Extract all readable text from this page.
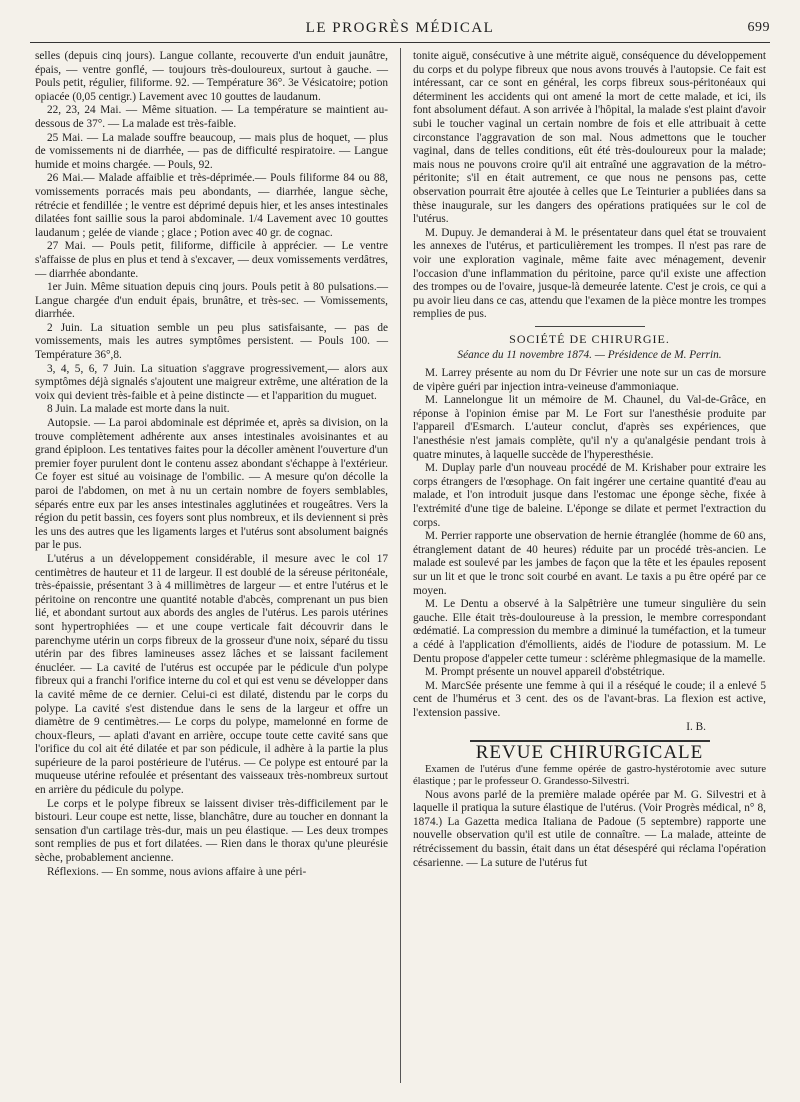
LE PROGRÈS MÉDICAL	699

selles (depuis cinq jours). Langue collante, recouverte d'un enduit jaunâtre, épais, — ventre gonflé, — toujours très-douloureux, surtout à gauche. — Pouls petit, régulier, filiforme. 92. — Température 36°. 3e Vésicatoire; potion opiacée (0,05 centigr.) Lavement avec 10 gouttes de laudanum.

22, 23, 24 Mai. — Même situation. — La température se maintient au-dessous de 37°. — La malade est très-faible.

25 Mai. — La malade souffre beaucoup, — mais plus de hoquet, — plus de vomissements ni de diarrhée, — pas de difficulté respiratoire. — Langue humide et moins chargée. — Pouls, 92.

26 Mai.— Malade affaiblie et très-déprimée.— Pouls filiforme 84 ou 88, vomissements porracés mais peu abondants, — diarrhée, langue sèche, rétrécie et fendillée ; le ventre est déprimé depuis hier, et les anses intestinales dilatées font saillie sous la paroi abdominale. 1/4 Lavement avec 10 gouttes laudanum ; gelée de viande ; glace ; Potion avec 40 gr. de cognac.

27 Mai. — Pouls petit, filiforme, difficile à apprécier. — Le ventre s'affaisse de plus en plus et tend à s'excaver, — deux vomissements verdâtres, — diarrhée abondante.

1er Juin. Même situation depuis cinq jours. Pouls petit à 80 pulsations.— Langue chargée d'un enduit épais, brunâtre, et très-sec. — Vomissements, diarrhée.

2 Juin. La situation semble un peu plus satisfaisante, — pas de vomissements, mais les autres symptômes persistent. — Pouls 100. — Température 36°,8.

3, 4, 5, 6, 7 Juin. La situation s'aggrave progressivement,— alors aux symptômes déjà signalés s'ajoutent une maigreur extrême, une altération de la voix qui devient très-faible et à peine distincte — et l'apparition du muguet.

8 Juin. La malade est morte dans la nuit.

Autopsie. — La paroi abdominale est déprimée et, après sa division, on la trouve complètement adhérente aux anses intestinales avoisinantes et au grand épiploon. Les tentatives faites pour la décoller amènent l'ouverture d'un premier foyer purulent dont le contenu assez abondant s'échappe à l'extérieur. Ce foyer est situé au voisinage de l'ombilic. — A mesure qu'on décolle la paroi de l'abdomen, on met à nu un certain nombre de foyers semblables, séparés entre eux par les anses intestinales agglutinées et rougeâtres. Vers la région du petit bassin, ces foyers sont plus nombreux, et ils deviennent si près les uns des autres que les ligaments larges et l'utérus sont absolument baignés par le pus.

L'utérus a un développement considérable, il mesure avec le col 17 centimètres de hauteur et 11 de largeur. Il est doublé de la séreuse péritonéale, très-épaissie, présentant 3 à 4 millimètres de largeur — et entre l'utérus et le péritoine on rencontre une quantité notable d'abcès, comprenant un pus bien lié, et abondant surtout aux abords des angles de l'utérus. Les parois utérines sont hypertrophiées — et une coupe verticale fait découvrir dans le parenchyme utérin un corps fibreux de la grosseur d'une noix, séparé du tissu utérin par des fibres lamineuses assez lâches et se laissant facilement énucléer. — La cavité de l'utérus est occupée par le pédicule d'un polype fibreux qui a franchi l'orifice interne du col et qui est venu se développer dans la cavité même de ce dernier. Celui-ci est dilaté, distendu par le corps du polype. La cavité s'est distendue dans le sens de la largeur et offre un diamètre de 9 centimètres.— Le corps du polype, mamelonné en forme de choux-fleurs, — aplati d'avant en arrière, occupe toute cette cavité sans que l'orifice du col ait été dilatée et par son pédicule, il adhère à la partie la plus supérieure de la paroi postérieure de l'utérus. — Ce polype est entouré par la muqueuse utérine refoulée et présentant des vaisseaux très-nombreux surtout en arrière du pédicule du polype.

Le corps et le polype fibreux se laissent diviser très-difficilement par le bistouri. Leur coupe est nette, lisse, blanchâtre, dure au toucher en donnant la sensation d'un cartilage très-dur, mais un peu élastique. — Les deux trompes sont remplies de pus et fort dilatées. — Rien dans le thorax qu'une pleurésie sèche, probablement ancienne.

Réflexions. — En somme, nous avions affaire à une péri-

tonite aiguë, consécutive à une métrite aiguë, conséquence du développement du corps et du polype fibreux que nous avons trouvés à l'autopsie. Ce fait est intéressant, car ce sont en général, les corps fibreux sous-péritonéaux qui déterminent les accidents qui ont amené la mort de cette malade, et ici, ils font absolument défaut. A son arrivée à l'hôpital, la malade s'est plaint d'avoir subi le toucher vaginal un certain nombre de fois et elle attribuait à cette circonstance l'aggravation de son mal. Nous admettons que le toucher vaginal, dans de telles conditions, eût été très-douloureux pour la malade; mais nous ne pouvons croire qu'il ait entraîné une aggravation de la métro-péritonite; s'il en était autrement, ce que nous ne pensons pas, cette observation pourrait être ajoutée à celles que Le Teinturier a publiées dans sa thèse inaugurale, sur les dangers des opérations pratiquées sur le col de l'utérus.

M. Dupuy. Je demanderai à M. le présentateur dans quel état se trouvaient les annexes de l'utérus, et particulièrement les trompes. Il n'est pas rare de voir une exploration vaginale, même faite avec ménagement, devenir l'occasion d'une inflammation du péritoine, parce qu'il existe une affection des trompes ou de l'ovaire, jusque-là demeurée latente. C'est je crois, ce qui a pu avoir lieu dans ce cas, attendu que l'examen de la pièce montre les trompes remplies de pus.

SOCIÉTÉ DE CHIRURGIE.
Séance du 11 novembre 1874. — Présidence de M. Perrin.

M. Larrey présente au nom du Dr Février une note sur un cas de morsure de vipère guéri par injection intra-veineuse d'ammoniaque.

M. Lannelongue lit un mémoire de M. Chaunel, du Val-de-Grâce, en réponse à l'opinion émise par M. Le Fort sur l'anesthésie produite par l'appareil d'Esmarch. L'auteur conclut, d'après ses expériences, que l'anesthésie n'est jamais complète, qu'il n'y a qu'analgésie pendant trois à quatre minutes, à laquelle succède de l'hyperesthésie.

M. Duplay parle d'un nouveau procédé de M. Krishaber pour extraire les corps étrangers de l'œsophage. On fait ingérer une certaine quantité d'eau au malade, et l'on introduit jusque dans l'estomac une éponge sèche, fixée à l'extrémité d'une tige de baleine. L'éponge se dilate et permet l'extraction du corps.

M. Perrier rapporte une observation de hernie étranglée (homme de 60 ans, étranglement datant de 40 heures) réduite par un procédé très-ancien. Le malade est soulevé par les jambes de façon que la tête et les épaules reposent sur un lit et que le tronc soit courbé en avant. Le taxis a pu être opéré par ce moyen.

M. Le Dentu a observé à la Salpêtrière une tumeur singulière du sein gauche. Elle était très-douloureuse à la pression, le membre correspondant œdématié. La compression du membre a diminué la tuméfaction, et la tumeur a cédé à l'application d'émollients, aidés de l'iodure de potassium. M. Le Dentu propose d'appeler cette tumeur : sclérème phlegmasique de la mamelle.

M. Prompt présente un nouvel appareil d'obstétrique.

M. MarcSée présente une femme à qui il a réséqué le coude; il a enlevé 5 cent de l'humérus et 3 cent. des os de l'avant-bras. La flexion est active, l'extension passive.

I. B.

REVUE CHIRURGICALE

Examen de l'utérus d'une femme opérée de gastro-hystérotomie avec suture élastique ; par le professeur O. Grandesso-Silvestri.

Nous avons parlé de la première malade opérée par M. G. Silvestri et à laquelle il pratiqua la suture élastique de l'utérus. (Voir Progrès médical, n° 8, 1874.) La Gazetta medica Italiana de Padoue (5 septembre) rapporte une nouvelle observation qu'il est utile de connaître. — La malade, atteinte de rétrécissement du bassin, était dans un état désespéré qui réclama l'opération césarienne. — La suture de l'utérus fut
